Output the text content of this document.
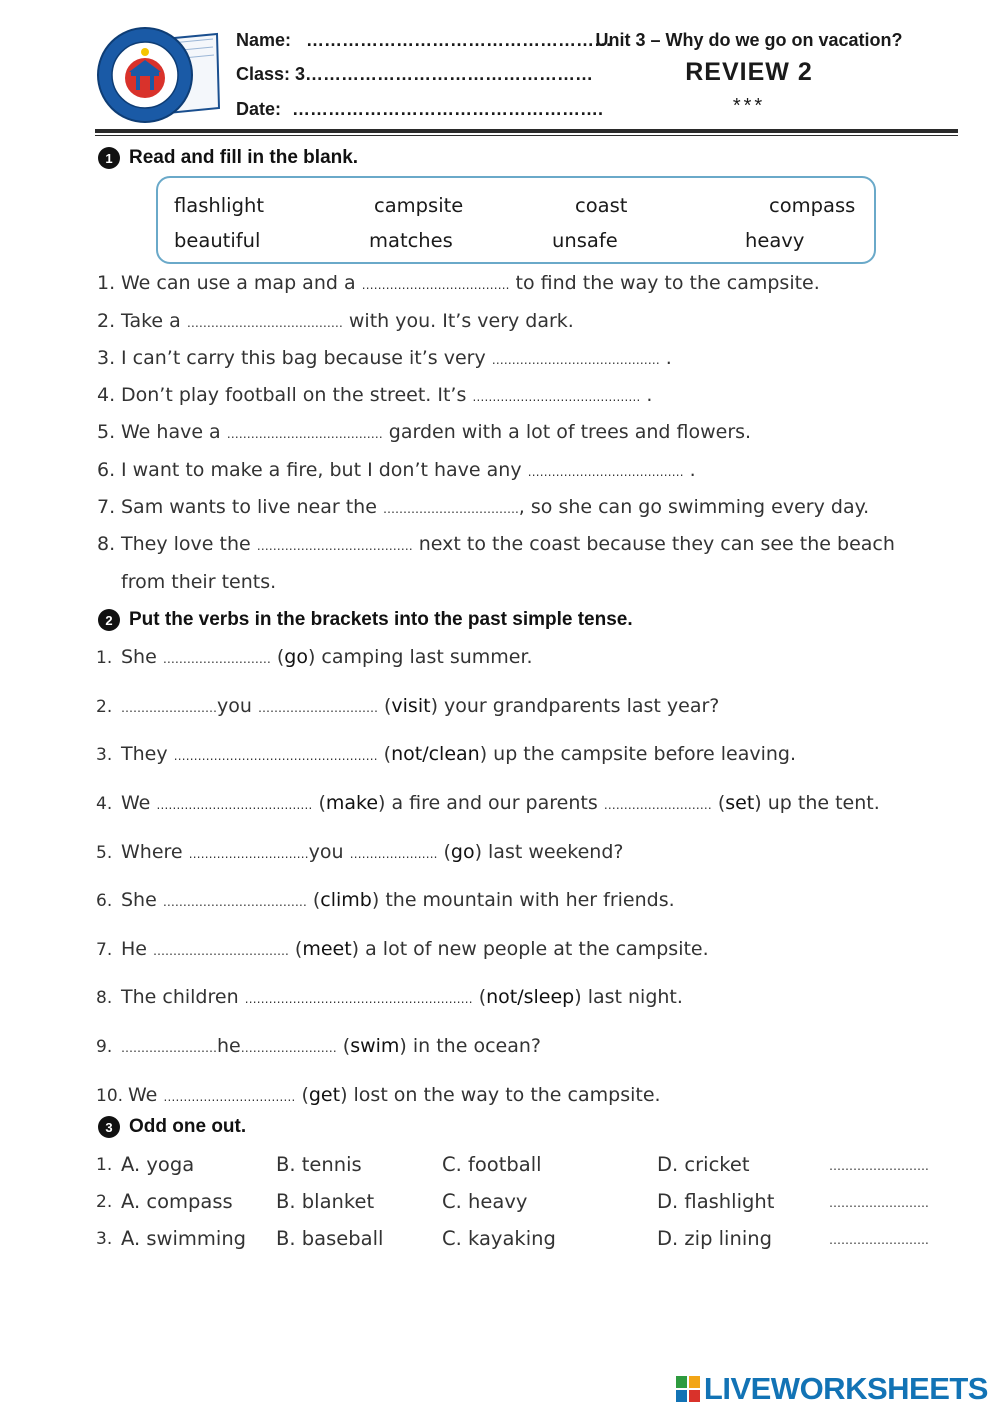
Name: ……………………………………………
Class: 3…………………………………………
Date: …………………………………………….
Unit 3 – Why do we go on vacation?
REVIEW 2
***
1 Read and fill in the blank.
flashlight	campsite	coast	compass
beautiful	matches	unsafe	heavy
1. We can use a map and a ………………………………. to find the way to the campsite.
2. Take a ………………………………… with you. It’s very dark.
3. I can’t carry this bag because it’s very …………………………………… .
4. Don’t play football on the street. It’s …………………………………… .
5. We have a ………………………………… garden with a lot of trees and flowers.
6. I want to make a fire, but I don’t have any ………………………………… .
7. Sam wants to live near the ……………………………., so she can go swimming every day.
8. They love the ………………………………… next to the coast because they can see the beach
from their tents.
2 Put the verbs in the brackets into the past simple tense.
1. She ……………………… (go) camping last summer.
2. ……………………you ………………………… (visit) your grandparents last year?
3. They …………………………………………… (not/clean) up the campsite before leaving.
4. We ………………………………… (make) a fire and our parents ……………………… (set) up the tent.
5. Where …………………………you …………………. (go) last weekend?
6. She ……………………………… (climb) the mountain with her friends.
7. He ……………………………. (meet) a lot of new people at the campsite.
8. The children ………………………………………………… (not/sleep) last night.
9. ……………………he…………………… (swim) in the ocean?
10. We …………………………… (get) lost on the way to the campsite.
3 Odd one out.
1. A. yoga	B. tennis	C. football	D. cricket	…………………….
2. A. compass B. blanket	C. heavy	D. flashlight	…………………….
3. A. swimming B. baseball	C. kayaking	D. zip lining	…………………….
LIVEWORKSHEETS
